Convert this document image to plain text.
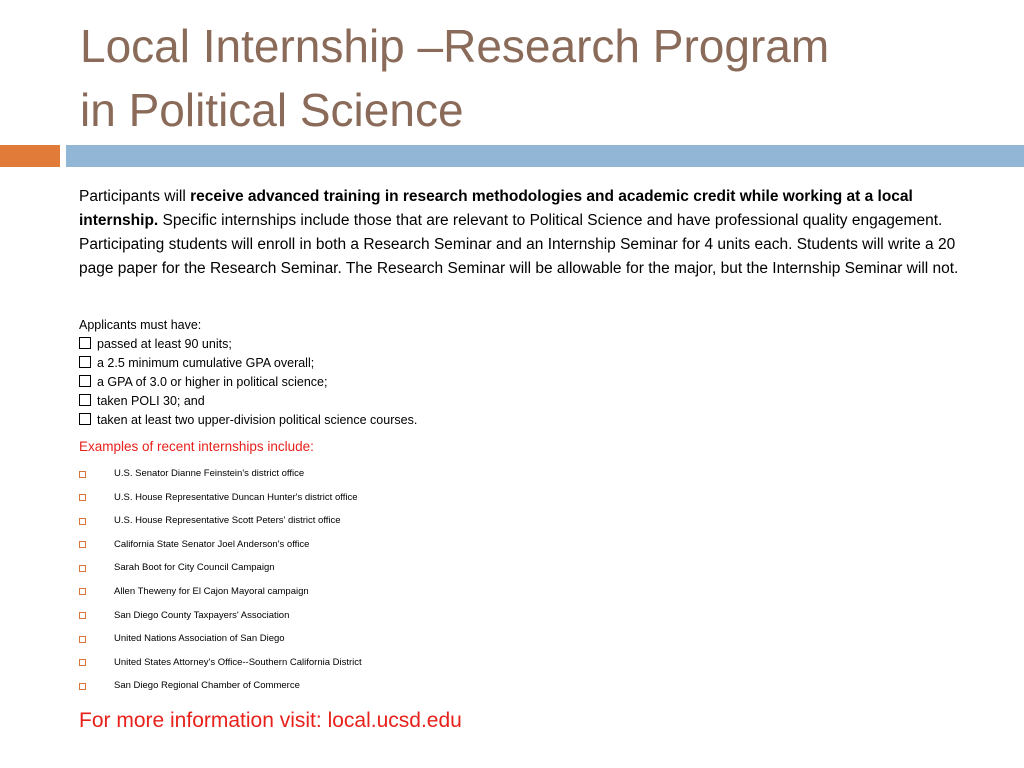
Local Internship –Research Program
in Political Science

Participants will receive advanced training in research methodologies and academic credit while working at a local internship. Specific internships include those that are relevant to Political Science and have professional quality engagement. Participating students will enroll in both a Research Seminar and an Internship Seminar for 4 units each. Students will write a 20 page paper for the Research Seminar. The Research Seminar will be allowable for the major, but the Internship Seminar will not.

Applicants must have:
passed at least 90 units;
a 2.5 minimum cumulative GPA overall;
a GPA of 3.0 or higher in political science;
taken POLI 30; and
taken at least two upper-division political science courses.
Examples of recent internships include:
U.S. Senator Dianne Feinstein's district office
U.S. House Representative Duncan Hunter's district office
U.S. House Representative Scott Peters' district office
California State Senator Joel Anderson's office
Sarah Boot for City Council Campaign
Allen Theweny for El Cajon Mayoral campaign
San Diego County Taxpayers' Association
United Nations Association of San Diego
United States Attorney's Office--Southern California District
San Diego Regional Chamber of Commerce
For more information visit: local.ucsd.edu
